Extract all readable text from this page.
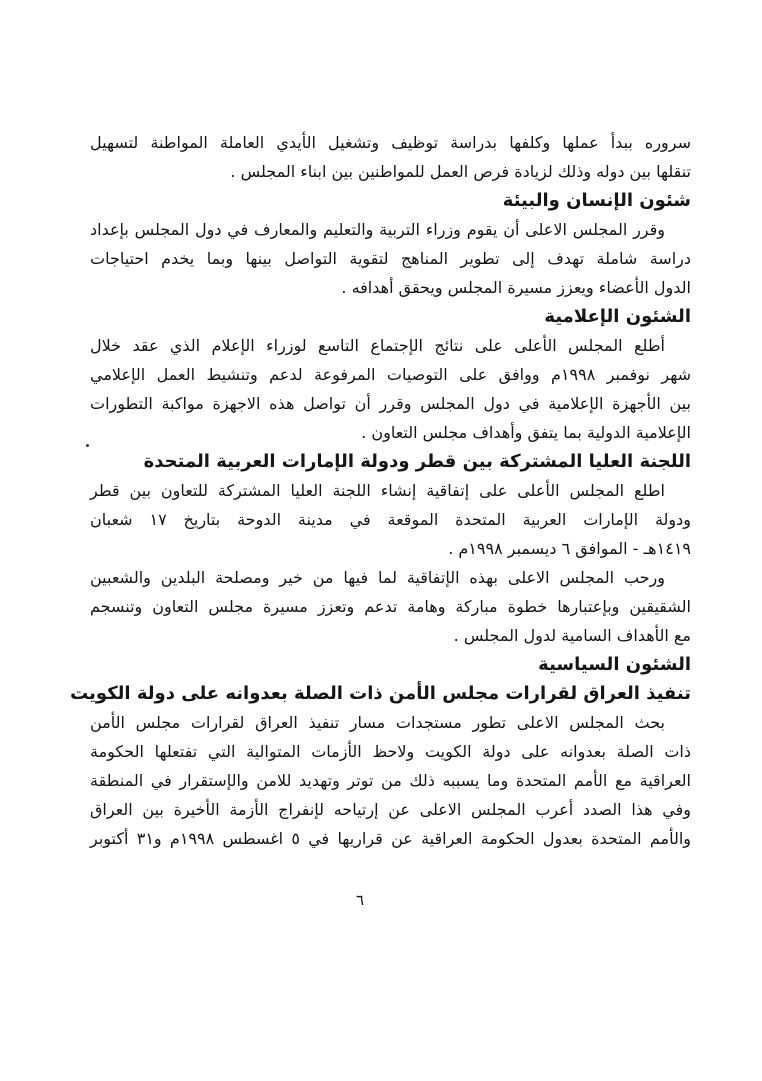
سروره ببدأ عملها وكلفها بدراسة توظيف وتشغيل الأيدي العاملة المواطنة لتسهيل
تنقلها بين دوله وذلك لزيادة فرص العمل للمواطنين بين ابناء المجلس .
شئون الإنسان والبيئة
وقرر المجلس الاعلى أن يقوم وزراء التربية والتعليم والمعارف في دول المجلس بإعداد
دراسة شاملة تهدف إلى تطوير المناهج لتقوية التواصل بينها وبما يخدم احتياجات
الدول الأعضاء ويعزز مسيرة المجلس ويحقق أهدافه .
الشئون الإعلامية
أطلع المجلس الأعلى على نتائج الإجتماع التاسع لوزراء الإعلام الذي عقد خلال
شهر نوفمبر ١٩٩٨م ووافق على التوصيات المرفوعة لدعم وتنشيط العمل الإعلامي
بين الأجهزة الإعلامية في دول المجلس وقرر أن تواصل هذه الاجهزة مواكبة التطورات
الإعلامية الدولية بما يتفق وأهداف مجلس التعاون .
اللجنة العليا المشتركة بين قطر ودولة الإمارات العربية المتحدة
اطلع المجلس الأعلى على إتفاقية إنشاء اللجنة العليا المشتركة للتعاون بين قطر
ودولة الإمارات العربية المتحدة الموقعة في مدينة الدوحة بتاريخ ١٧ شعبان
١٤١٩هـ - الموافق ٦ ديسمبر ١٩٩٨م .
ورحب المجلس الاعلى بهذه الإتفاقية لما فيها من خير ومصلحة البلدين والشعبين
الشقيقين وبإعتبارها خطوة مباركة وهامة تدعم وتعزز مسيرة مجلس التعاون وتنسجم
مع الأهداف السامية لدول المجلس .
الشئون السياسية
تنفيذ العراق لقرارات مجلس الأمن ذات الصلة بعدوانه على دولة الكويت
بحث المجلس الاعلى تطور مستجدات مسار تنفيذ العراق لقرارات مجلس الأمن
ذات الصلة بعدوانه على دولة الكويت ولاحظ الأزمات المتوالية التي تفتعلها الحكومة
العراقية مع الأمم المتحدة وما يسببه ذلك من توتر وتهديد للامن والإستقرار في المنطقة
وفي هذا الصدد أعرب المجلس الاعلى عن إرتياحه لإنفراج الأزمة الأخيرة بين العراق
والأمم المتحدة بعدول الحكومة العراقية عن قراريها في ٥ اغسطس ١٩٩٨م و٣١ أكتوبر
٦
